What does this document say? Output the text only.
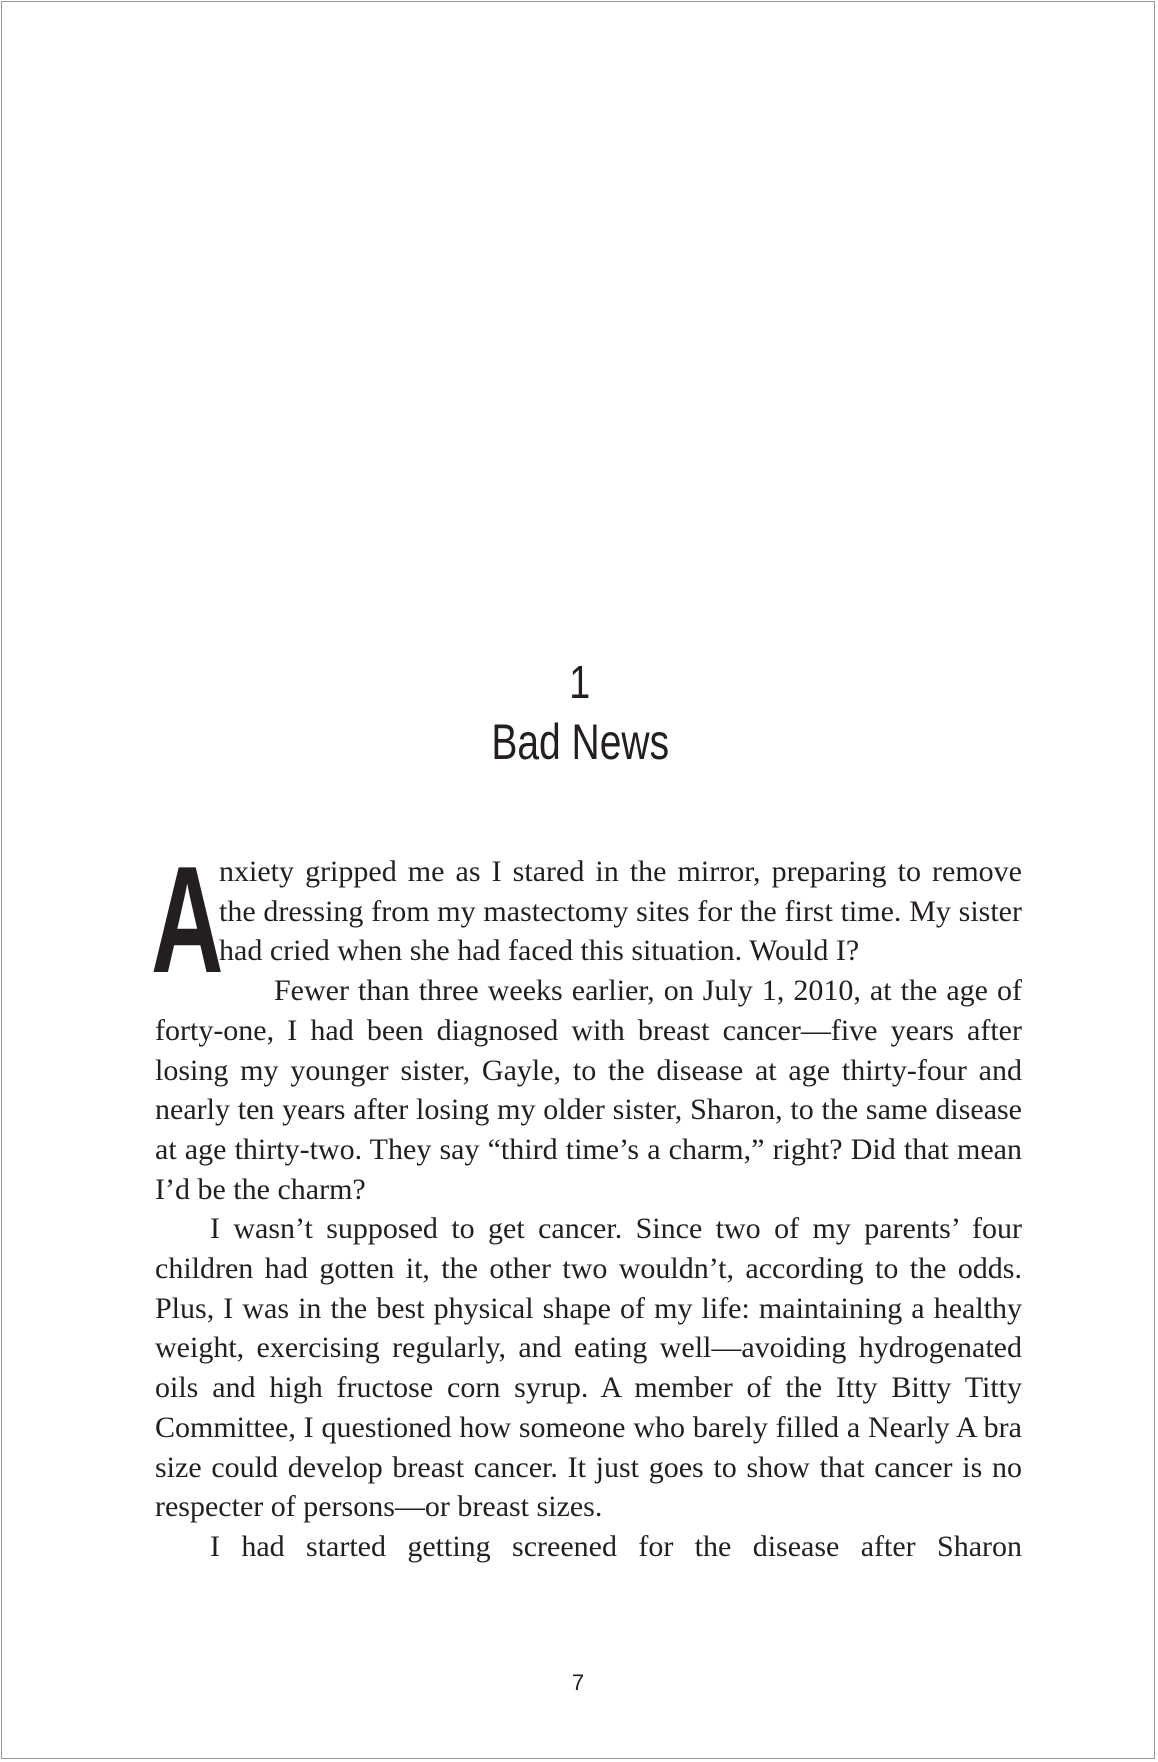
1
Bad News

A
nxiety gripped me as I stared in the mirror, preparing to remove the dressing from my mastectomy sites for the first time. My sister had cried when she had faced this situation. Would I?

Fewer than three weeks earlier, on July 1, 2010, at the age of forty-one, I had been diagnosed with breast cancer—five years after losing my younger sister, Gayle, to the disease at age thirty-four and nearly ten years after losing my older sister, Sharon, to the same disease at age thirty-two. They say “third time’s a charm,” right? Did that mean I’d be the charm?

I wasn’t supposed to get cancer. Since two of my parents’ four children had gotten it, the other two wouldn’t, according to the odds. Plus, I was in the best physical shape of my life: maintaining a healthy weight, exercising regularly, and eating well—avoiding hydrogenated oils and high fructose corn syrup. A member of the Itty Bitty Titty Committee, I questioned how someone who barely filled a Nearly A bra size could develop breast cancer. It just goes to show that cancer is no respecter of persons—or breast sizes.

I had started getting screened for the disease after Sharon

7
